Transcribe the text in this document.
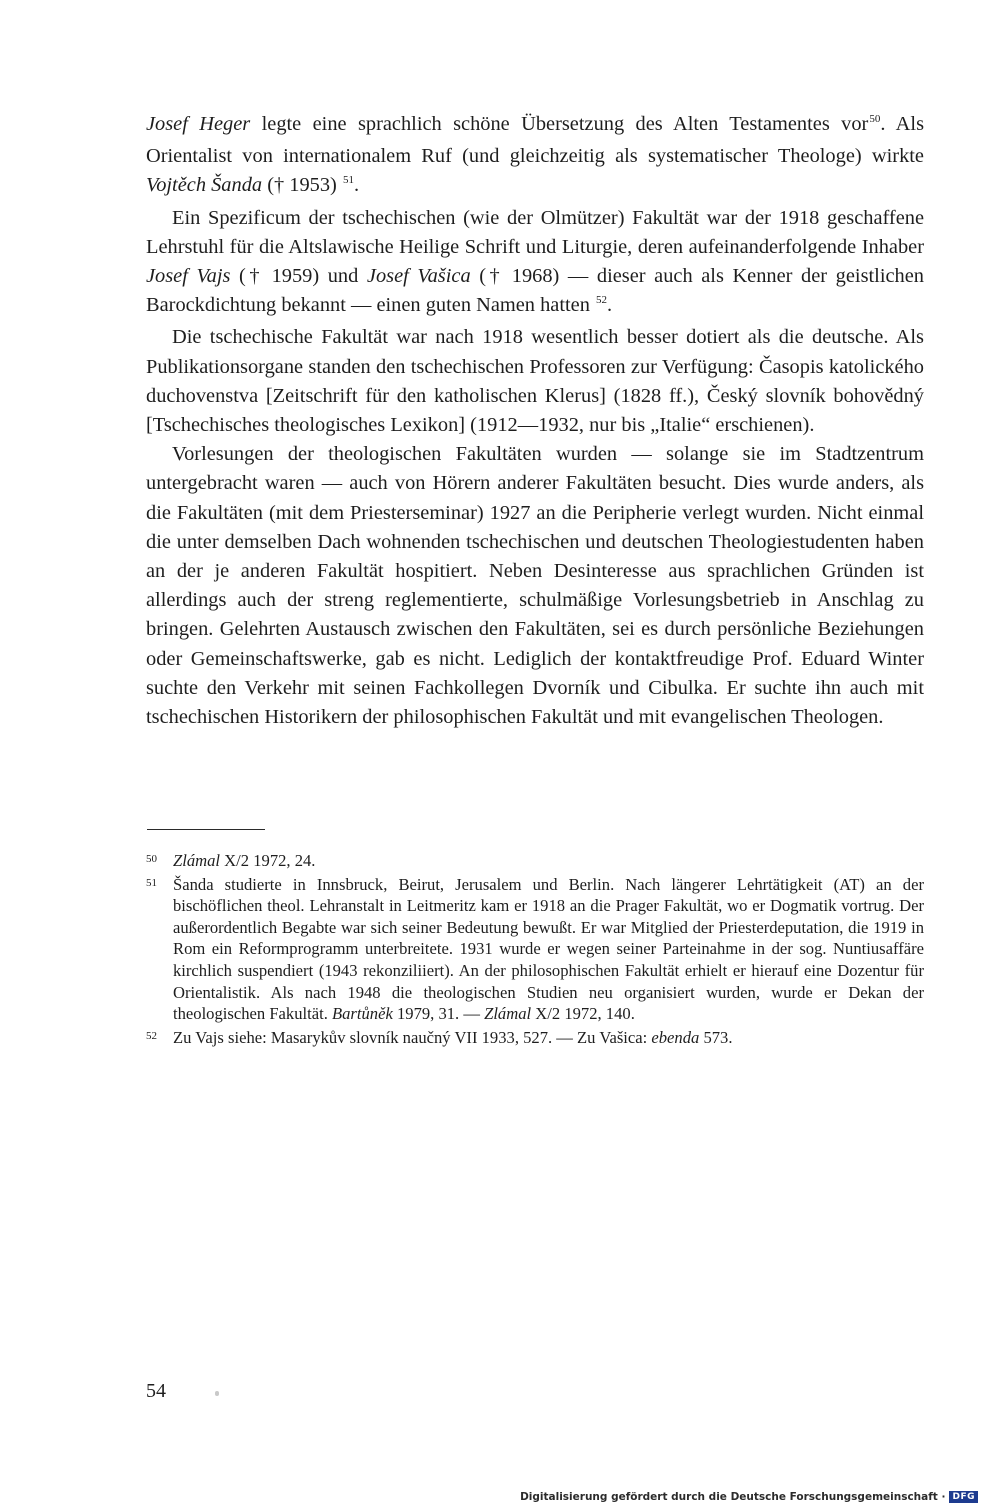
Josef Heger legte eine sprachlich schöne Übersetzung des Alten Testamentes vor$^{50}$. Als Orientalist von internationalem Ruf (und gleichzeitig als systematischer Theologe) wirkte Vojtěch Šanda († 1953) $^{51}$.

Ein Spezificum der tschechischen (wie der Olmützer) Fakultät war der 1918 geschaffene Lehrstuhl für die Altslawische Heilige Schrift und Liturgie, deren aufeinanderfolgende Inhaber Josef Vajs († 1959) und Josef Vašica († 1968) — dieser auch als Kenner der geistlichen Barockdichtung bekannt — einen guten Namen hatten $^{52}$.

Die tschechische Fakultät war nach 1918 wesentlich besser dotiert als die deutsche. Als Publikationsorgane standen den tschechischen Professoren zur Verfügung: Časopis katolického duchovenstva [Zeitschrift für den katholischen Klerus] (1828 ff.), Český slovník bohovědný [Tschechisches theologisches Lexikon] (1912—1932, nur bis „Italie“ erschienen).

Vorlesungen der theologischen Fakultäten wurden — solange sie im Stadtzentrum untergebracht waren — auch von Hörern anderer Fakultäten besucht. Dies wurde anders, als die Fakultäten (mit dem Priesterseminar) 1927 an die Peripherie verlegt wurden. Nicht einmal die unter demselben Dach wohnenden tschechischen und deutschen Theologiestudenten haben an der je anderen Fakultät hospitiert. Neben Desinteresse aus sprachlichen Gründen ist allerdings auch der streng reglementierte, schulmäßige Vorlesungsbetrieb in Anschlag zu bringen. Gelehrten Austausch zwischen den Fakultäten, sei es durch persönliche Beziehungen oder Gemeinschaftswerke, gab es nicht. Lediglich der kontaktfreudige Prof. Eduard Winter suchte den Verkehr mit seinen Fachkollegen Dvorník und Cibulka. Er suchte ihn auch mit tschechischen Historikern der philosophischen Fakultät und mit evangelischen Theologen.

50 Zlámal X/2 1972, 24.
51 Šanda studierte in Innsbruck, Beirut, Jerusalem und Berlin. Nach längerer Lehrtätigkeit (AT) an der bischöflichen theol. Lehranstalt in Leitmeritz kam er 1918 an die Prager Fakultät, wo er Dogmatik vortrug. Der außerordentlich Begabte war sich seiner Bedeutung bewußt. Er war Mitglied der Priesterdeputation, die 1919 in Rom ein Reformprogramm unterbreitete. 1931 wurde er wegen seiner Parteinahme in der sog. Nuntiusaffäre kirchlich suspendiert (1943 rekonziliiert). An der philosophischen Fakultät erhielt er hierauf eine Dozentur für Orientalistik. Als nach 1948 die theologischen Studien neu organisiert wurden, wurde er Dekan der theologischen Fakultät. Bartůněk 1979, 31. — Zlámal X/2 1972, 140.
52 Zu Vajs siehe: Masarykův slovník naučný VII 1933, 527. — Zu Vašica: ebenda 573.
54
Digitalisierung gefördert durch die Deutsche Forschungsgemeinschaft · DFG
